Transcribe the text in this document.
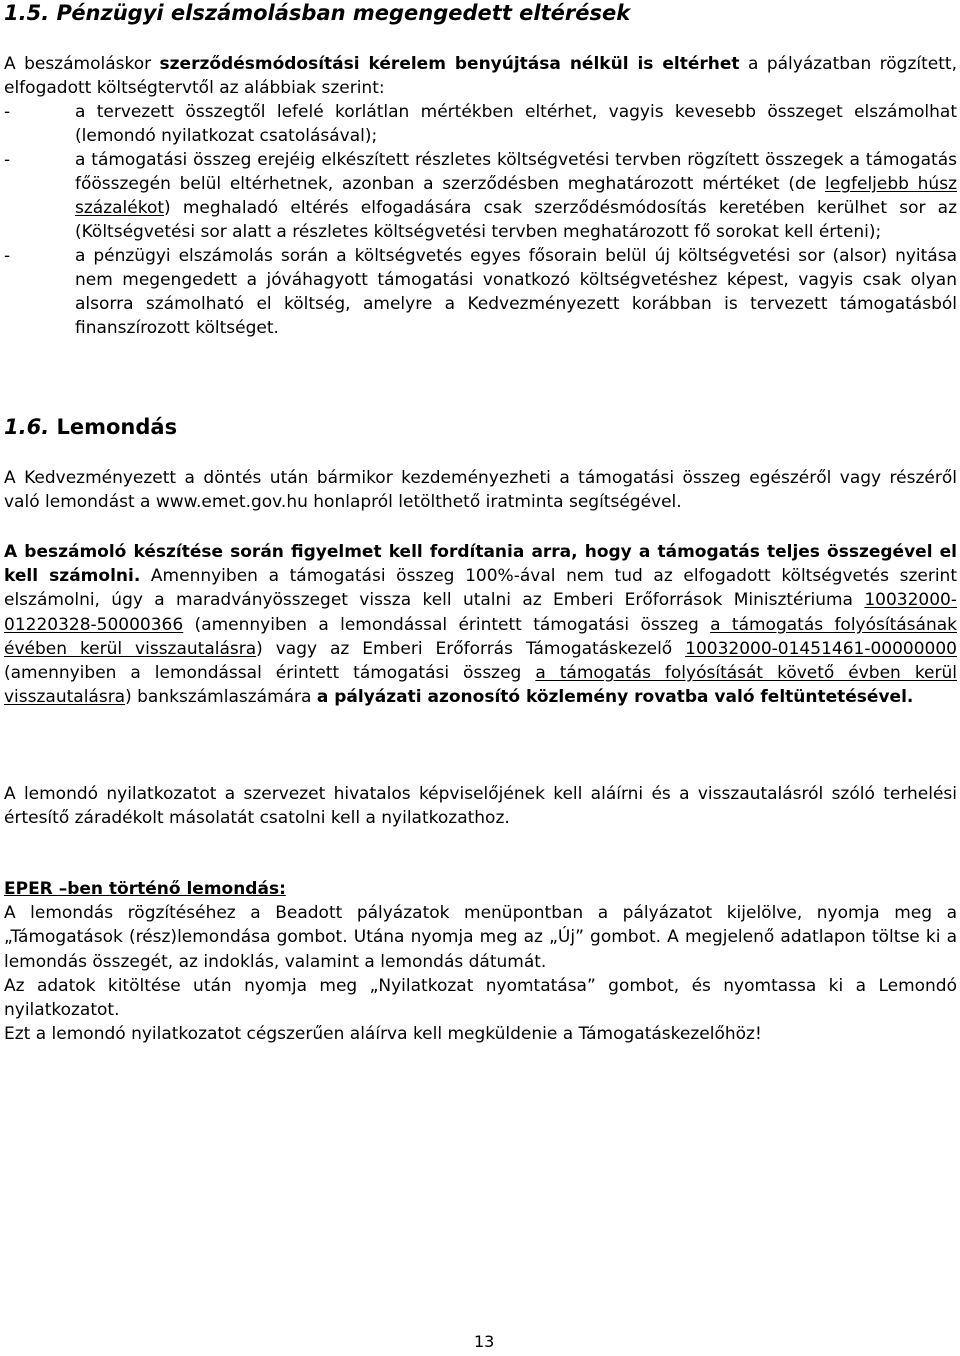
1.5. Pénzügyi elszámolásban megengedett eltérések

A beszámoláskor szerződésmódosítási kérelem benyújtása nélkül is eltérhet a pályázatban rögzített, elfogadott költségtervtől az alábbiak szerint:

-	a tervezett összegtől lefelé korlátlan mértékben eltérhet, vagyis kevesebb összeget elszámolhat (lemondó nyilatkozat csatolásával);

-	a támogatási összeg erejéig elkészített részletes költségvetési tervben rögzített összegek a támogatás főösszegén belül eltérhetnek, azonban a szerződésben meghatározott mértéket (de legfeljebb húsz százalékot) meghaladó eltérés elfogadására csak szerződésmódosítás keretében kerülhet sor az (Költségvetési sor alatt a részletes költségvetési tervben meghatározott fő sorokat kell érteni);

-	a pénzügyi elszámolás során a költségvetés egyes fősorain belül új költségvetési sor (alsor) nyitása nem megengedett a jóváhagyott támogatási vonatkozó költségvetéshez képest, vagyis csak olyan alsorra számolható el költség, amelyre a Kedvezményezett korábban is tervezett támogatásból finanszírozott költséget.

1.6. Lemondás

A Kedvezményezett a döntés után bármikor kezdeményezheti a támogatási összeg egészéről vagy részéről való lemondást a www.emet.gov.hu honlapról letölthető iratminta segítségével.

A beszámoló készítése során figyelmet kell fordítania arra, hogy a támogatás teljes összegével el kell számolni. Amennyiben a támogatási összeg 100%-ával nem tud az elfogadott költségvetés szerint elszámolni, úgy a maradványösszeget vissza kell utalni az Emberi Erőforrások Minisztériuma 10032000-01220328-50000366 (amennyiben a lemondással érintett támogatási összeg a támogatás folyósításának évében kerül visszautalásra) vagy az Emberi Erőforrás Támogatáskezelő 10032000-01451461-00000000 (amennyiben a lemondással érintett támogatási összeg a támogatás folyósítását követő évben kerül visszautalásra) bankszámlaszámára a pályázati azonosító közlemény rovatba való feltüntetésével.

A lemondó nyilatkozatot a szervezet hivatalos képviselőjének kell aláírni és a visszautalásról szóló terhelési értesítő záradékolt másolatát csatolni kell a nyilatkozathoz.

EPER –ben történő lemondás:

A lemondás rögzítéséhez a Beadott pályázatok menüpontban a pályázatot kijelölve, nyomja meg a „Támogatások (rész)lemondása gombot. Utána nyomja meg az „Új” gombot. A megjelenő adatlapon töltse ki a lemondás összegét, az indoklás, valamint a lemondás dátumát.

Az adatok kitöltése után nyomja meg „Nyilatkozat nyomtatása” gombot, és nyomtassa ki a Lemondó nyilatkozatot.

Ezt a lemondó nyilatkozatot cégszerűen aláírva kell megküldenie a Támogatáskezelőhöz!

13
